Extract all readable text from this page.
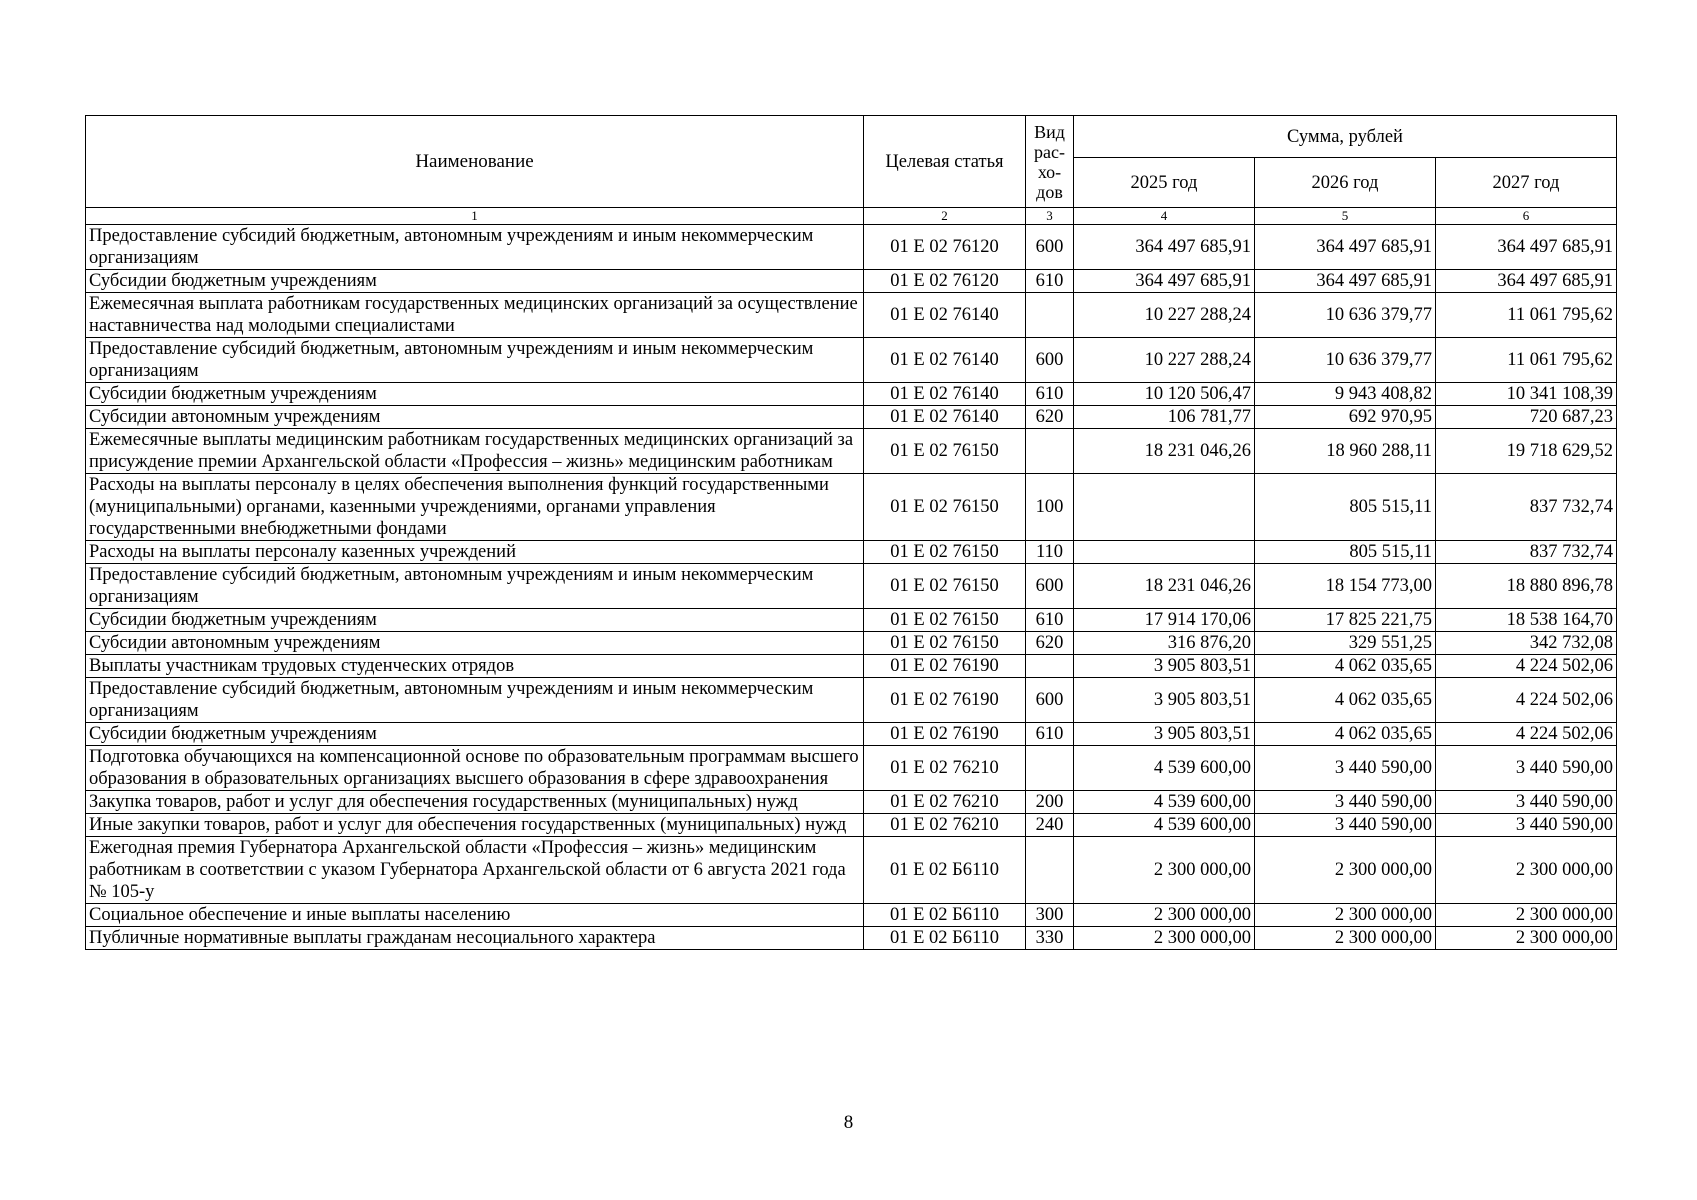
Наименование	Целевая статья	Вид рас- хо- дов	Сумма, рублей		
			2025 год	2026 год	2027 год
1	2	3	4	5	6
Предоставление субсидий бюджетным, автономным учреждениям и иным некоммерческим организациям	01 Е 02 76120	600	364 497 685,91	364 497 685,91	364 497 685,91
Субсидии бюджетным учреждениям	01 Е 02 76120	610	364 497 685,91	364 497 685,91	364 497 685,91
Ежемесячная выплата работникам государственных медицинских организаций за осуществление наставничества над молодыми специалистами	01 Е 02 76140		10 227 288,24	10 636 379,77	11 061 795,62
Предоставление субсидий бюджетным, автономным учреждениям и иным некоммерческим организациям	01 Е 02 76140	600	10 227 288,24	10 636 379,77	11 061 795,62
Субсидии бюджетным учреждениям	01 Е 02 76140	610	10 120 506,47	9 943 408,82	10 341 108,39
Субсидии автономным учреждениям	01 Е 02 76140	620	106 781,77	692 970,95	720 687,23
Ежемесячные выплаты медицинским работникам государственных медицинских организаций за присуждение премии Архангельской области «Профессия – жизнь» медицинским работникам	01 Е 02 76150		18 231 046,26	18 960 288,11	19 718 629,52
Расходы на выплаты персоналу в целях обеспечения выполнения функций государственными (муниципальными) органами, казенными учреждениями, органами управления государственными внебюджетными фондами	01 Е 02 76150	100		805 515,11	837 732,74
Расходы на выплаты персоналу казенных учреждений	01 Е 02 76150	110		805 515,11	837 732,74
Предоставление субсидий бюджетным, автономным учреждениям и иным некоммерческим организациям	01 Е 02 76150	600	18 231 046,26	18 154 773,00	18 880 896,78
Субсидии бюджетным учреждениям	01 Е 02 76150	610	17 914 170,06	17 825 221,75	18 538 164,70
Субсидии автономным учреждениям	01 Е 02 76150	620	316 876,20	329 551,25	342 732,08
Выплаты участникам трудовых студенческих отрядов	01 Е 02 76190		3 905 803,51	4 062 035,65	4 224 502,06
Предоставление субсидий бюджетным, автономным учреждениям и иным некоммерческим организациям	01 Е 02 76190	600	3 905 803,51	4 062 035,65	4 224 502,06
Субсидии бюджетным учреждениям	01 Е 02 76190	610	3 905 803,51	4 062 035,65	4 224 502,06
Подготовка обучающихся на компенсационной основе по образовательным программам высшего образования в образовательных организациях высшего образования в сфере здравоохранения	01 Е 02 76210		4 539 600,00	3 440 590,00	3 440 590,00
Закупка товаров, работ и услуг для обеспечения государственных (муниципальных) нужд	01 Е 02 76210	200	4 539 600,00	3 440 590,00	3 440 590,00
Иные закупки товаров, работ и услуг для обеспечения государственных (муниципальных) нужд	01 Е 02 76210	240	4 539 600,00	3 440 590,00	3 440 590,00
Ежегодная премия Губернатора Архангельской области «Профессия – жизнь» медицинским работникам в соответствии с указом Губернатора Архангельской области от 6 августа 2021 года № 105-у	01 Е 02 Б6110		2 300 000,00	2 300 000,00	2 300 000,00
Социальное обеспечение и иные выплаты населению	01 Е 02 Б6110	300	2 300 000,00	2 300 000,00	2 300 000,00
Публичные нормативные выплаты гражданам несоциального характера	01 Е 02 Б6110	330	2 300 000,00	2 300 000,00	2 300 000,00
8
